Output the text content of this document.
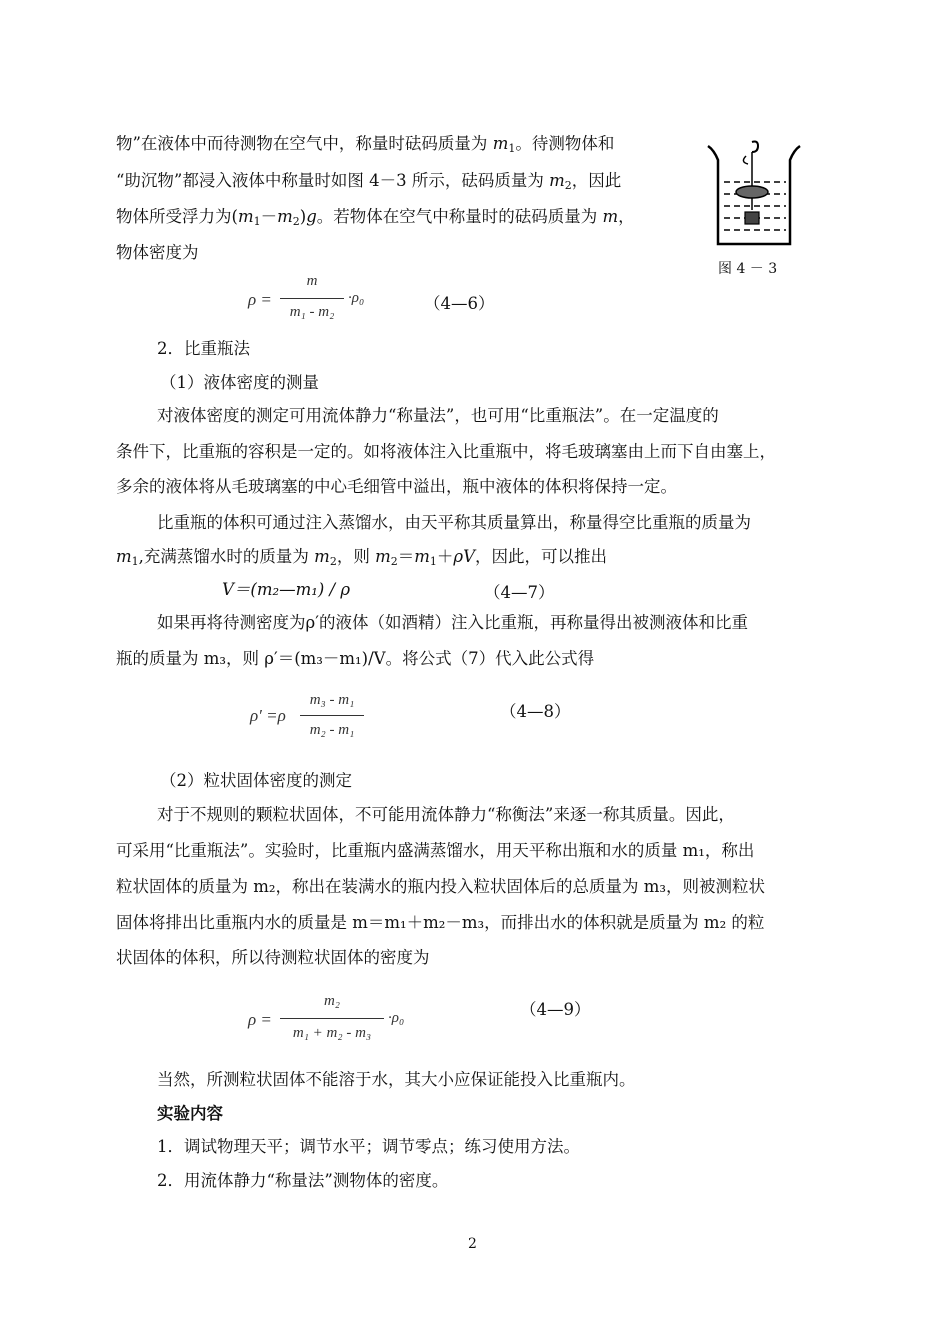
物”在液体中而待测物在空气中，称量时砝码质量为 $m_1$。待测物体和
“助沉物”都浸入液体中称量时如图 4－3 所示，砝码质量为 $m_2$，因此
物体所受浮力为$(m_1-m_2)g$。若物体在空气中称量时的砝码质量为 m，
物体密度为
图 4 － 3
ρ =
m
m₁ - m₂
·ρ₀	（4—6）
2．比重瓶法
（1）液体密度的测量
对液体密度的测定可用流体静力“称量法”，也可用“比重瓶法”。在一定温度的
条件下，比重瓶的容积是一定的。如将液体注入比重瓶中，将毛玻璃塞由上而下自由塞上，
多余的液体将从毛玻璃塞的中心毛细管中溢出，瓶中液体的体积将保持一定。
比重瓶的体积可通过注入蒸馏水，由天平称其质量算出，称量得空比重瓶的质量为
$m_1$,充满蒸馏水时的质量为 $m_2$，则 $m_2=m_1+\rho V$，因此，可以推出
V＝(m₂—m₁) / ρ	（4—7）
如果再将待测密度为ρ′的液体（如酒精）注入比重瓶，再称量得出被测液体和比重
瓶的质量为 m₃，则 ρ′＝(m₃－m₁)/V。将公式（7）代入此公式得
ρ′ =ρ
m₃ - m₁
m₂ - m₁
（4—8）
（2）粒状固体密度的测定
对于不规则的颗粒状固体，不可能用流体静力“称衡法”来逐一称其质量。因此，
可采用“比重瓶法”。实验时，比重瓶内盛满蒸馏水，用天平称出瓶和水的质量 m₁，称出
粒状固体的质量为 m₂，称出在装满水的瓶内投入粒状固体后的总质量为 m₃，则被测粒状
固体将排出比重瓶内水的质量是 m＝m₁＋m₂－m₃，而排出水的体积就是质量为 m₂ 的粒
状固体的体积，所以待测粒状固体的密度为
ρ =
m₂
m₁ + m₂ - m₃
·ρ₀	（4—9）
当然，所测粒状固体不能溶于水，其大小应保证能投入比重瓶内。
实验内容
1．调试物理天平；调节水平；调节零点；练习使用方法。
2．用流体静力“称量法”测物体的密度。
2
